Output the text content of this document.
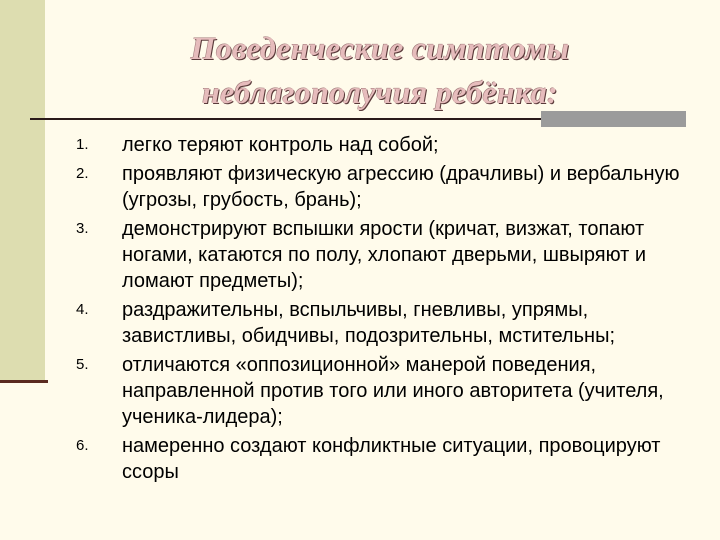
Поведенческие симптомы
неблагополучия ребёнка:
1.	легко теряют контроль над собой;
2.	проявляют физическую агрессию (драчливы) и вербальную (угрозы, грубость, брань);
3.	демонстрируют вспышки ярости (кричат, визжат, топают ногами, катаются по полу, хлопают дверьми, швыряют и ломают предметы);
4.	раздражительны, вспыльчивы, гневливы, упрямы, завистливы, обидчивы, подозрительны, мстительны;
5.	отличаются «оппозиционной» манерой поведения, направленной против того или иного авторитета (учителя, ученика-лидера);
6.	намеренно создают конфликтные ситуации, провоцируют ссоры
